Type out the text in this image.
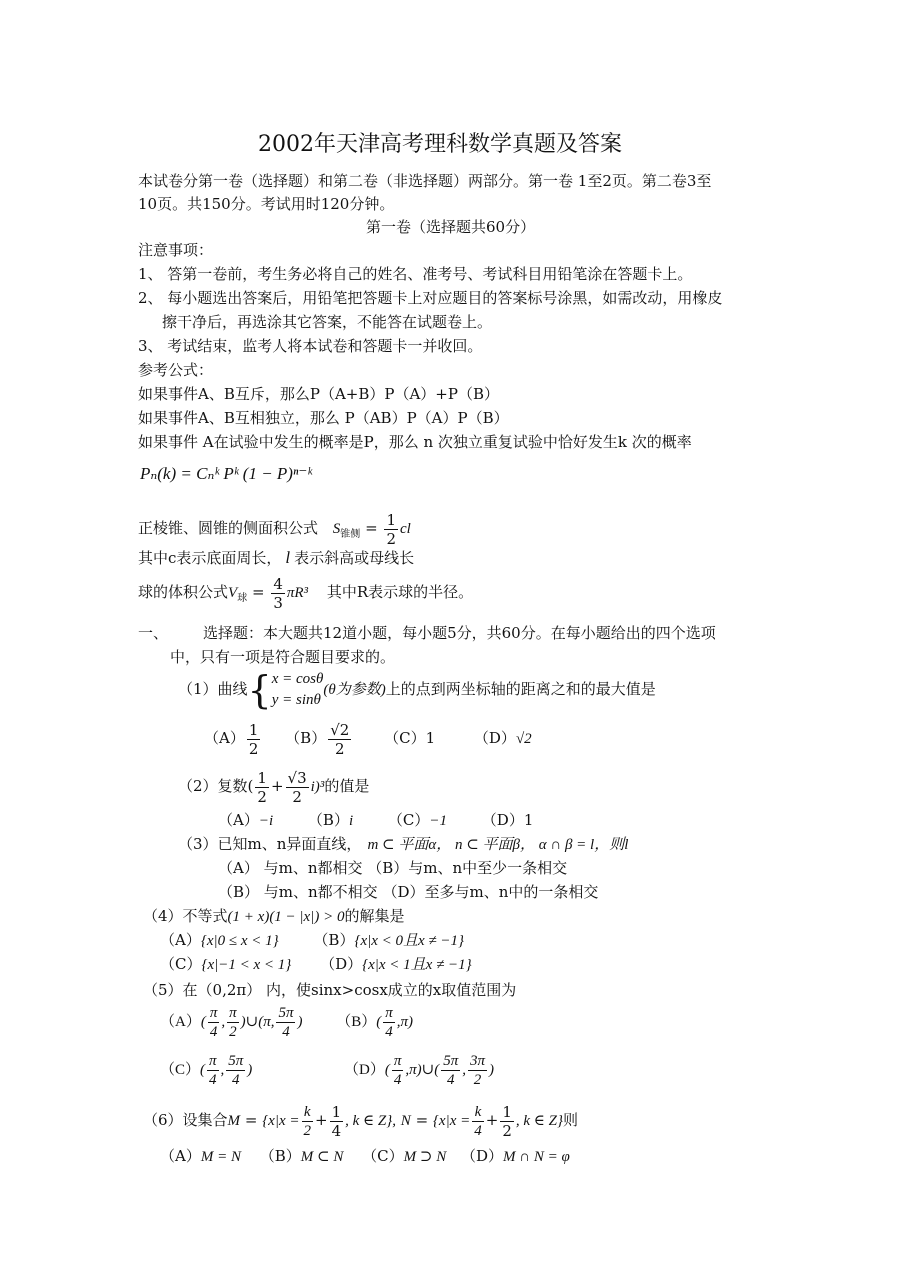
2002年天津高考理科数学真题及答案
本试卷分第一卷（选择题）和第二卷（非选择题）两部分。第一卷 1至2页。第二卷3至
10页。共150分。考试用时120分钟。
第一卷（选择题共60分）
注意事项：
1、 答第一卷前，考生务必将自己的姓名、准考号、考试科目用铅笔涂在答题卡上。
2、 每小题选出答案后，用铅笔把答题卡上对应题目的答案标号涂黑，如需改动，用橡皮
擦干净后，再选涂其它答案，不能答在试题卷上。
3、 考试结束，监考人将本试卷和答题卡一并收回。
参考公式：
如果事件A、B互斥，那么P（A+B）P（A）+P（B）
如果事件A、B互相独立，那么 P（AB）P（A）P（B）
如果事件 A在试验中发生的概率是P，那么 n 次独立重复试验中恰好发生k 次的概率
Pₙ(k) = Cₙᵏ Pᵏ (1 − P)ⁿ⁻ᵏ
正棱锥、圆锥的侧面积公式 $S_{锥侧} = \frac{1}{2}$ cl
其中c表示底面周长， l 表示斜高或母线长
球的体积公式$V_球 = \frac{4}{3} \pi R^3$ 其中R表示球的半径。
一、 选择题：本大题共12道小题，每小题5分，共60分。在每小题给出的四个选项
中，只有一项是符合题目要求的。
（1）曲线{ x = cosθ
y = sinθ
(θ为参数)上的点到两坐标轴的距离之和的最大值是
$(A) \frac{1}{2} (B) \frac{√2}{2} (C)1$	（D）√2
（2）复数( $\frac{1}{2} + \frac{√3}{2} i)^3$的值是
（A）−i （B）i （C）−1 （D）1
（3）已知m、n异面直线， m ⊂ 平面α， n ⊂ 平面β， α ∩ β = l，则l
（A） 与m、n都相交 （B）与m、n中至少一条相交
（B） 与m、n都不相交 （D）至多与m、n中的一条相交
（4）不等式(1 + x)(1 − |x|) > 0的解集是
（A）{x|0 ≤ x < 1} （B）{x|x < 0且x ≠ −1}
（C）{x|−1 < x < 1} （D）{x|x < 1且x ≠ −1}
（5）在（0,2π） 内，使sinx>cosx成立的x取值范围为
$(A)( \frac{\pi}{4}$ , $\frac{\pi}{2}$ )∪(π, $\frac{5\pi}{4}$ ) $(B)( \frac{\pi}{4} ,\pi)$
$(C)( \frac{\pi}{4}$ , $\frac{5\pi}{4}$ )	$(D)( \frac{\pi}{4}$ ,π)∪( $\frac{5\pi}{4}$ , $\frac{3\pi}{2}$ )
（6）设集合$M = \{x|x = \frac{k}{2} + \frac{1}{4}$ , k ∈ Z}, $N = \{x|x = \frac{k}{4} + \frac{1}{2}$ , k ∈ Z}则
（A）M = N （B）M ⊂ N （C）M ⊃ N （D）M ∩ N = φ
